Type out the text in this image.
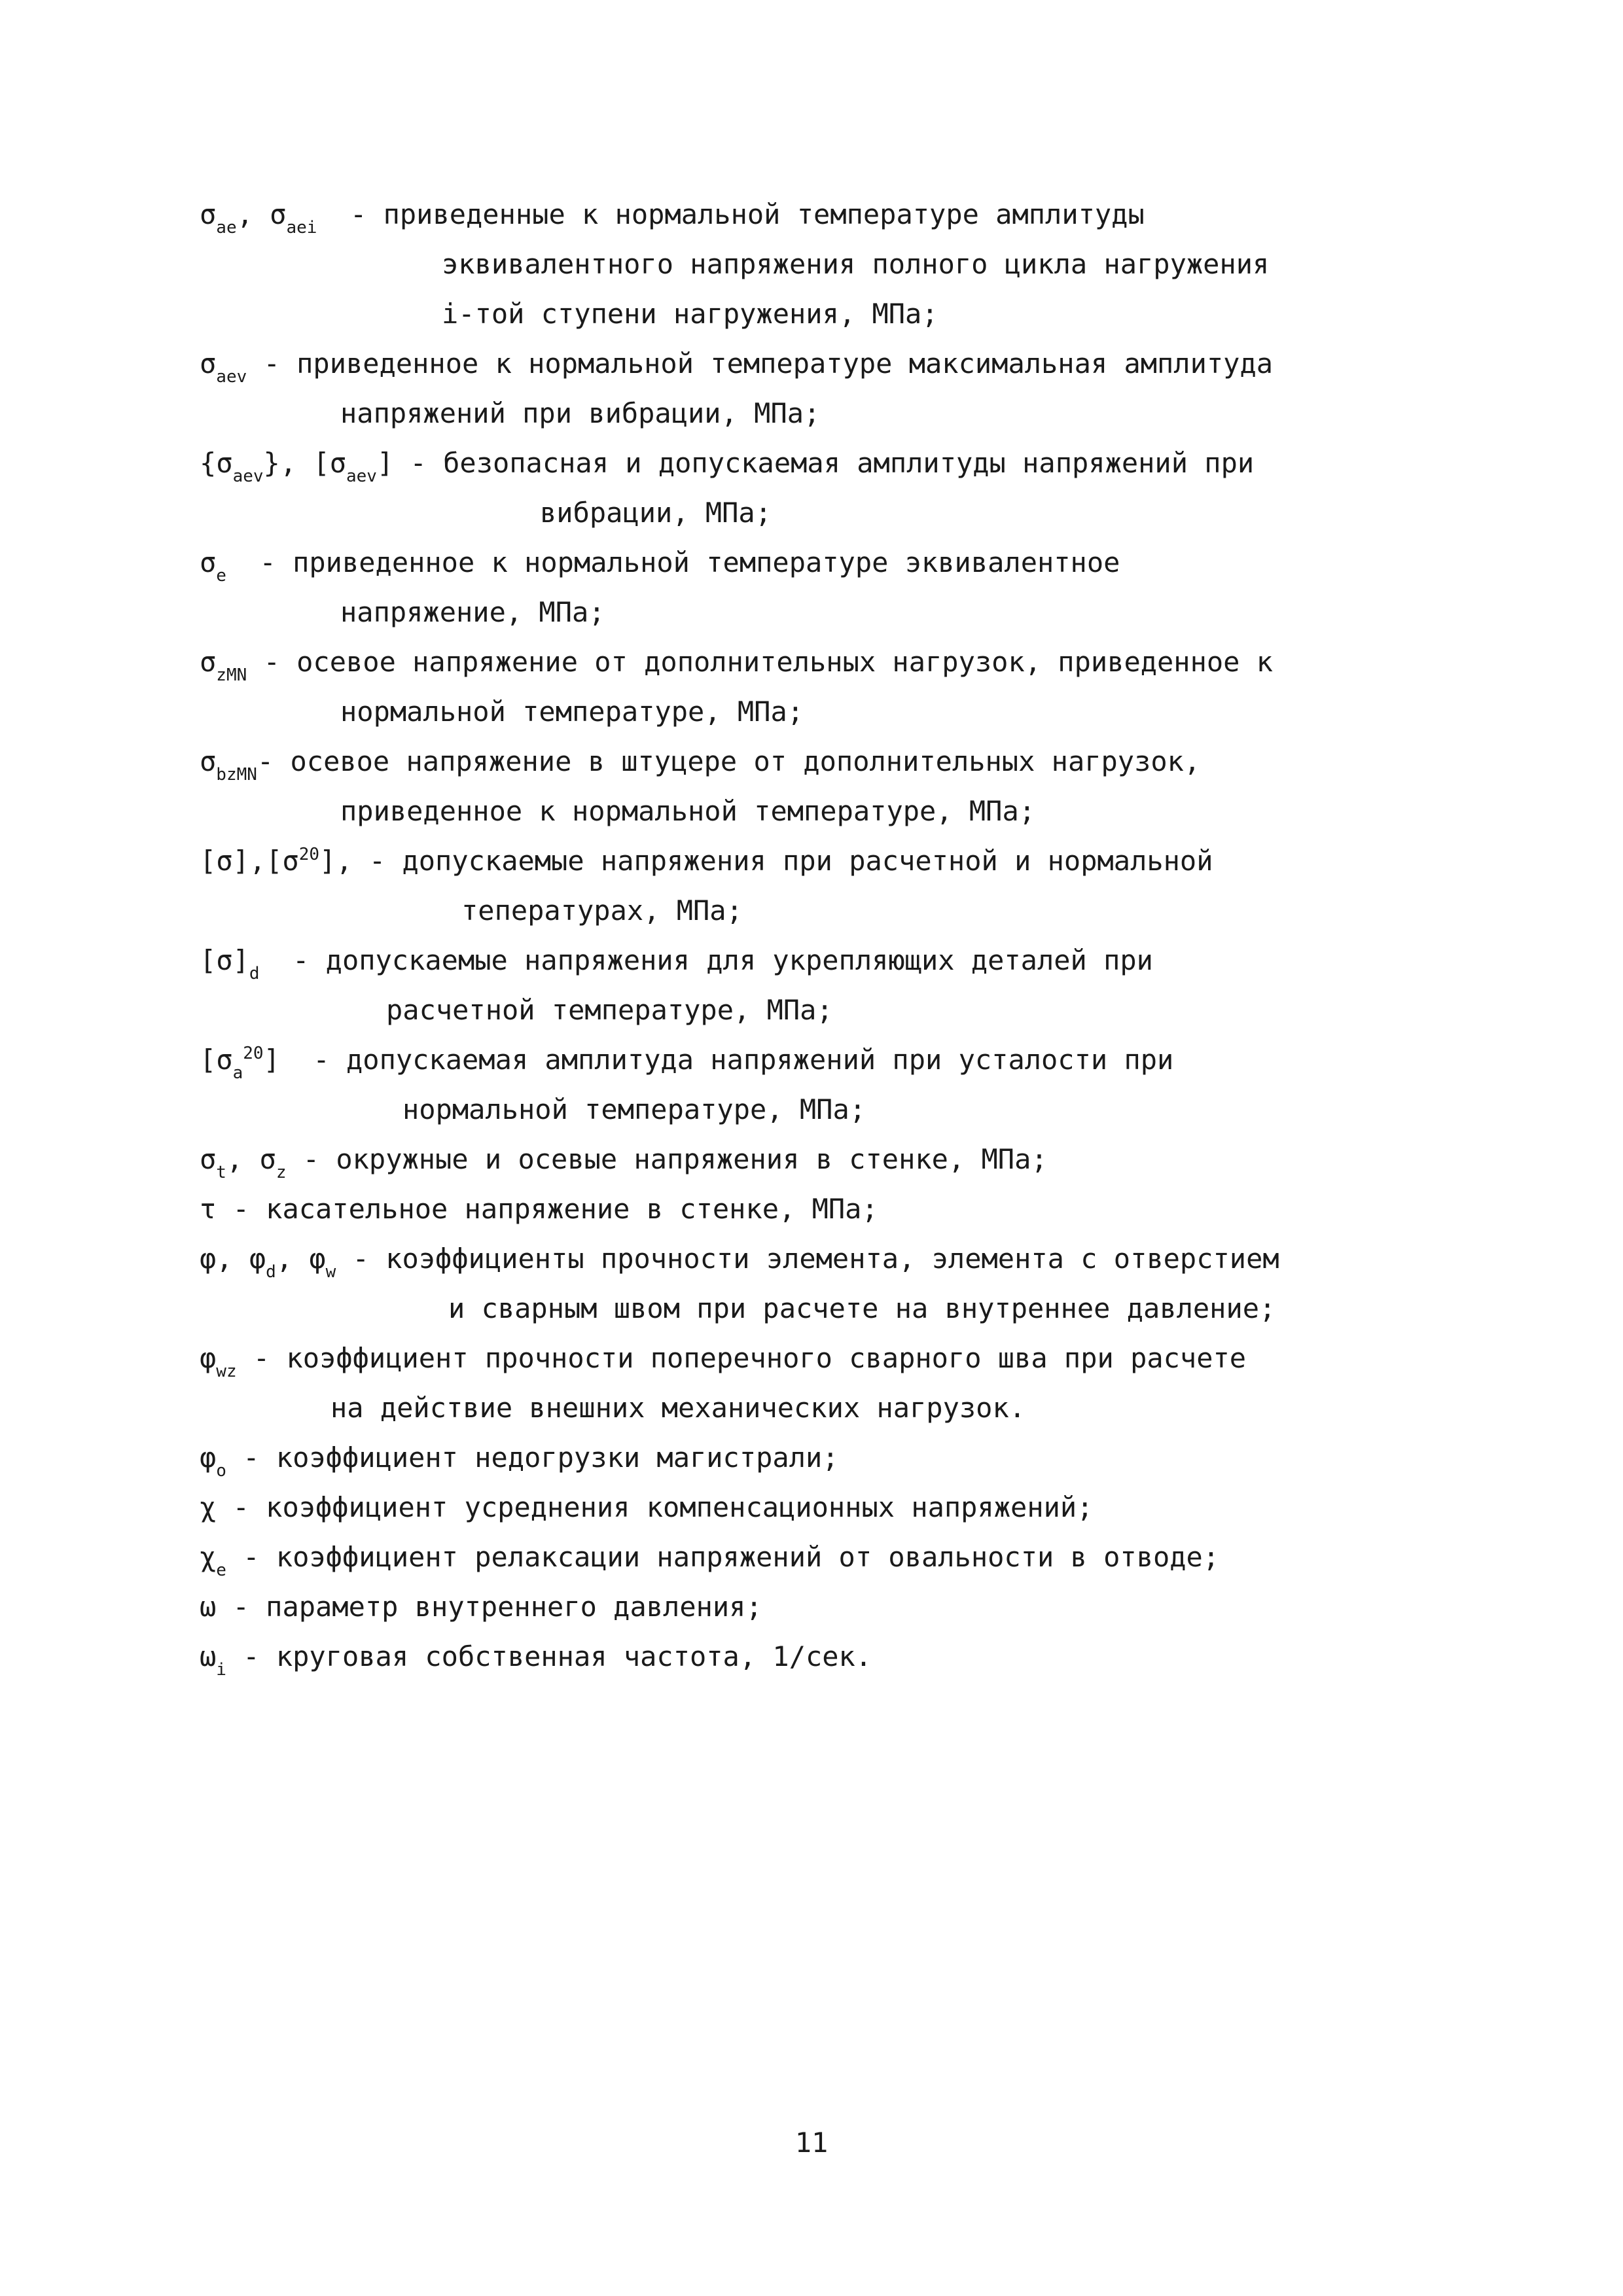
$\sigma_{ae}$, $\sigma_{aei}$ - приведенные к нормальной температуре амплитуды
эквивалентного напряжения полного цикла нагружения
i-той ступени нагружения, МПа;
$\sigma_{aev}$ - приведенное к нормальной температуре максимальная амплитуда
напряжений при вибрации, МПа;
$\{\sigma_{aev}\}$, $[\sigma_{aev}]$ - безопасная и допускаемая амплитуды напряжений при
вибрации, МПа;
$\sigma_e$ - приведенное к нормальной температуре эквивалентное
напряжение, МПа;
$\sigma_{zMN}$ - осевое напряжение от дополнительных нагрузок, приведенное к
нормальной температуре, МПа;
$\sigma_{bzMN}-$ осевое напряжение в штуцере от дополнительных нагрузок,
приведенное к нормальной температуре, МПа;
$[\sigma],[\sigma^{20}]$, - допускаемые напряжения при расчетной и нормальной
тепературах, МПа;
$[\sigma]_d$ - допускаемые напряжения для укрепляющих деталей при
расчетной температуре, МПа;
$[\sigma_a^{20}]$ - допускаемая амплитуда напряжений при усталости при
нормальной температуре, МПа;
$\sigma_t$, $\sigma_z$ - окружные и осевые напряжения в стенке, МПа;
τ - касательное напряжение в стенке, МПа;
φ, $\varphi_d$, $\varphi_w$ - коэффициенты прочности элемента, элемента с отверстием
и сварным швом при расчете на внутреннее давление;
$\varphi_{wz}$ - коэффициент прочности поперечного сварного шва при расчете
на действие внешних механических нагрузок.
$\varphi_o$ - коэффициент недогрузки магистрали;
χ - коэффициент усреднения компенсационных напряжений;
$\chi_e$ - коэффициент релаксации напряжений от овальности в отводе;
ω - параметр внутреннего давления;
$\omega_i$ - круговая собственная частота, 1/сек.
11
